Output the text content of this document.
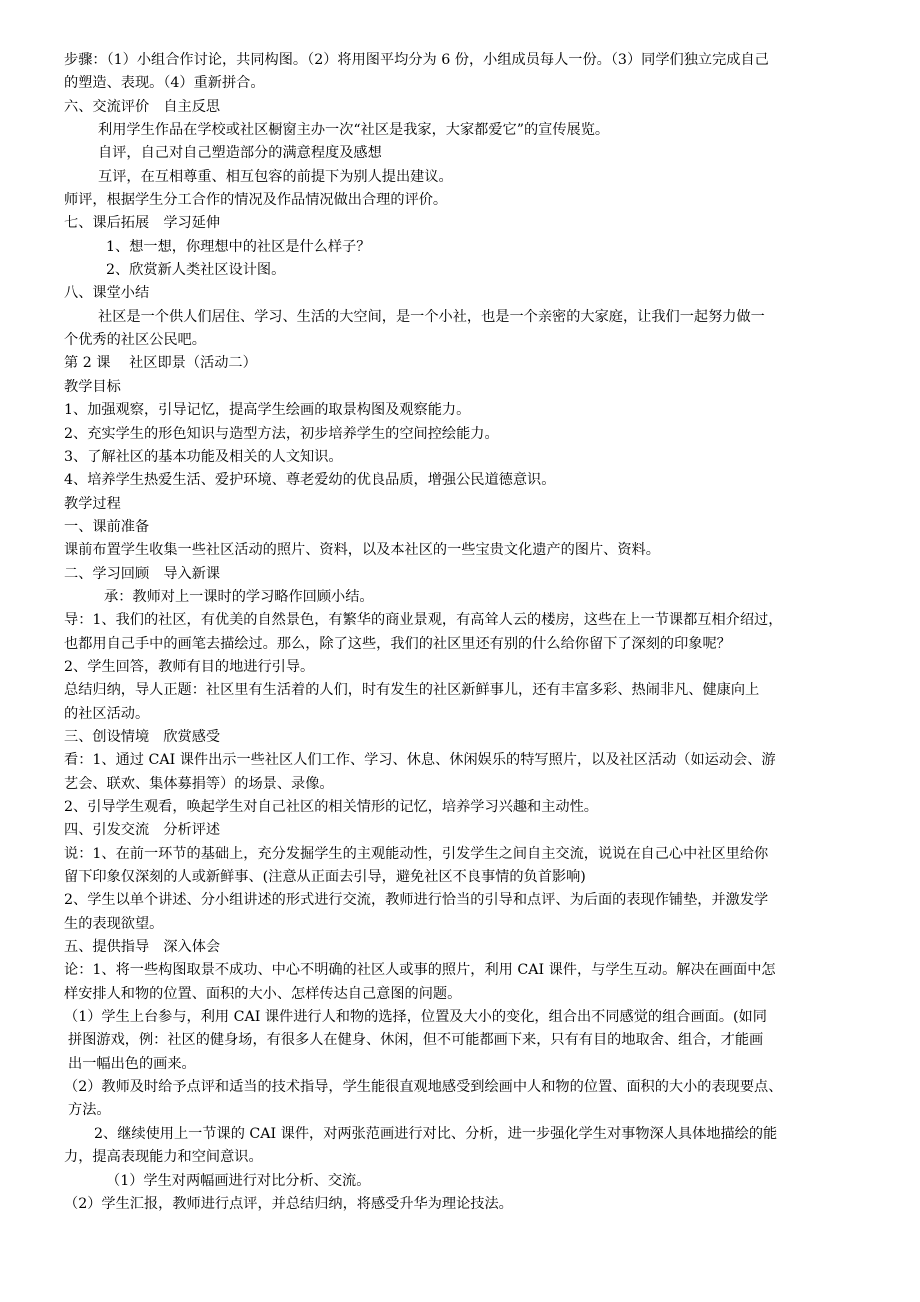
步骤：（1）小组合作讨论，共同构图。（2）将用图平均分为 6 份，小组成员每人一份。（3）同学们独立完成自己
的塑造、表现。（4）重新拼合。
六、交流评价　自主反思
利用学生作品在学校或社区橱窗主办一次“社区是我家，大家都爱它”的宣传展览。
自评，自己对自己塑造部分的满意程度及感想
互评，在互相尊重、相互包容的前提下为别人提出建议。
师评，根据学生分工合作的情况及作品情况做出合理的评价。
七、课后拓展　学习延伸
1、想一想，你理想中的社区是什么样子？
2、欣赏新人类社区设计图。
八、课堂小结
社区是一个供人们居住、学习、生活的大空间，是一个小社，也是一个亲密的大家庭，让我们一起努力做一
个优秀的社区公民吧。
第 2 课　 社区即景（活动二）
教学目标
1、加强观察，引导记忆，提高学生绘画的取景构图及观察能力。
2、充实学生的形色知识与造型方法，初步培养学生的空间控绘能力。
3、了解社区的基本功能及相关的人文知识。
4、培养学生热爱生活、爱护环境、尊老爱幼的优良品质，增强公民道德意识。
教学过程
一、课前准备
课前布置学生收集一些社区活动的照片、资料，以及本社区的一些宝贵文化遗产的图片、资料。
二、学习回顾　导入新课
承：教师对上一课时的学习略作回顾小结。
导：1、我们的社区，有优美的自然景色，有繁华的商业景观，有高耸人云的楼房，这些在上一节课都互相介绍过，
也都用自己手中的画笔去描绘过。那么，除了这些，我们的社区里还有别的什么给你留下了深刻的印象呢？
2、学生回答，教师有目的地进行引导。
总结归纳，导人正题：社区里有生活着的人们，时有发生的社区新鲜事儿，还有丰富多彩、热闹非凡、健康向上
的社区活动。
三、创设情境　欣赏感受
看：1、通过 CAI 课件出示一些社区人们工作、学习、休息、休闲娱乐的特写照片，以及社区活动（如运动会、游
艺会、联欢、集体募捐等）的场景、录像。
2、引导学生观看，唤起学生对自己社区的相关情形的记忆，培养学习兴趣和主动性。
四、引发交流　分析评述
说：1、在前一环节的基础上，充分发掘学生的主观能动性，引发学生之间自主交流，说说在自己心中社区里给你
留下印象仅深刻的人或新鲜事、(注意从正面去引导，避免社区不良事情的负首影响)
2、学生以单个讲述、分小组讲述的形式进行交流，教师进行恰当的引导和点评、为后面的表现作铺垫，并激发学
生的表现欲望。
五、提供指导　深入体会
论：1、将一些构图取景不成功、中心不明确的社区人或事的照片，利用 CAI 课件，与学生互动。解决在画面中怎
样安排人和物的位置、面积的大小、怎样传达自己意图的问题。
（1）学生上台参与，利用 CAI 课件进行人和物的选择，位置及大小的变化，组合出不同感觉的组合画面。(如同
拼图游戏，例：社区的健身场，有很多人在健身、休闲，但不可能都画下来，只有有目的地取舍、组合，才能画
出一幅出色的画来。
（2）教师及时给予点评和适当的技术指导，学生能很直观地感受到绘画中人和物的位置、面积的大小的表现要点、
方法。
2、继续使用上一节课的 CAI 课件，对两张范画进行对比、分析，进一步强化学生对事物深人具体地描绘的能
力，提高表现能力和空间意识。
（1）学生对两幅画进行对比分析、交流。
（2）学生汇报，教师进行点评，并总结归纳，将感受升华为理论技法。
